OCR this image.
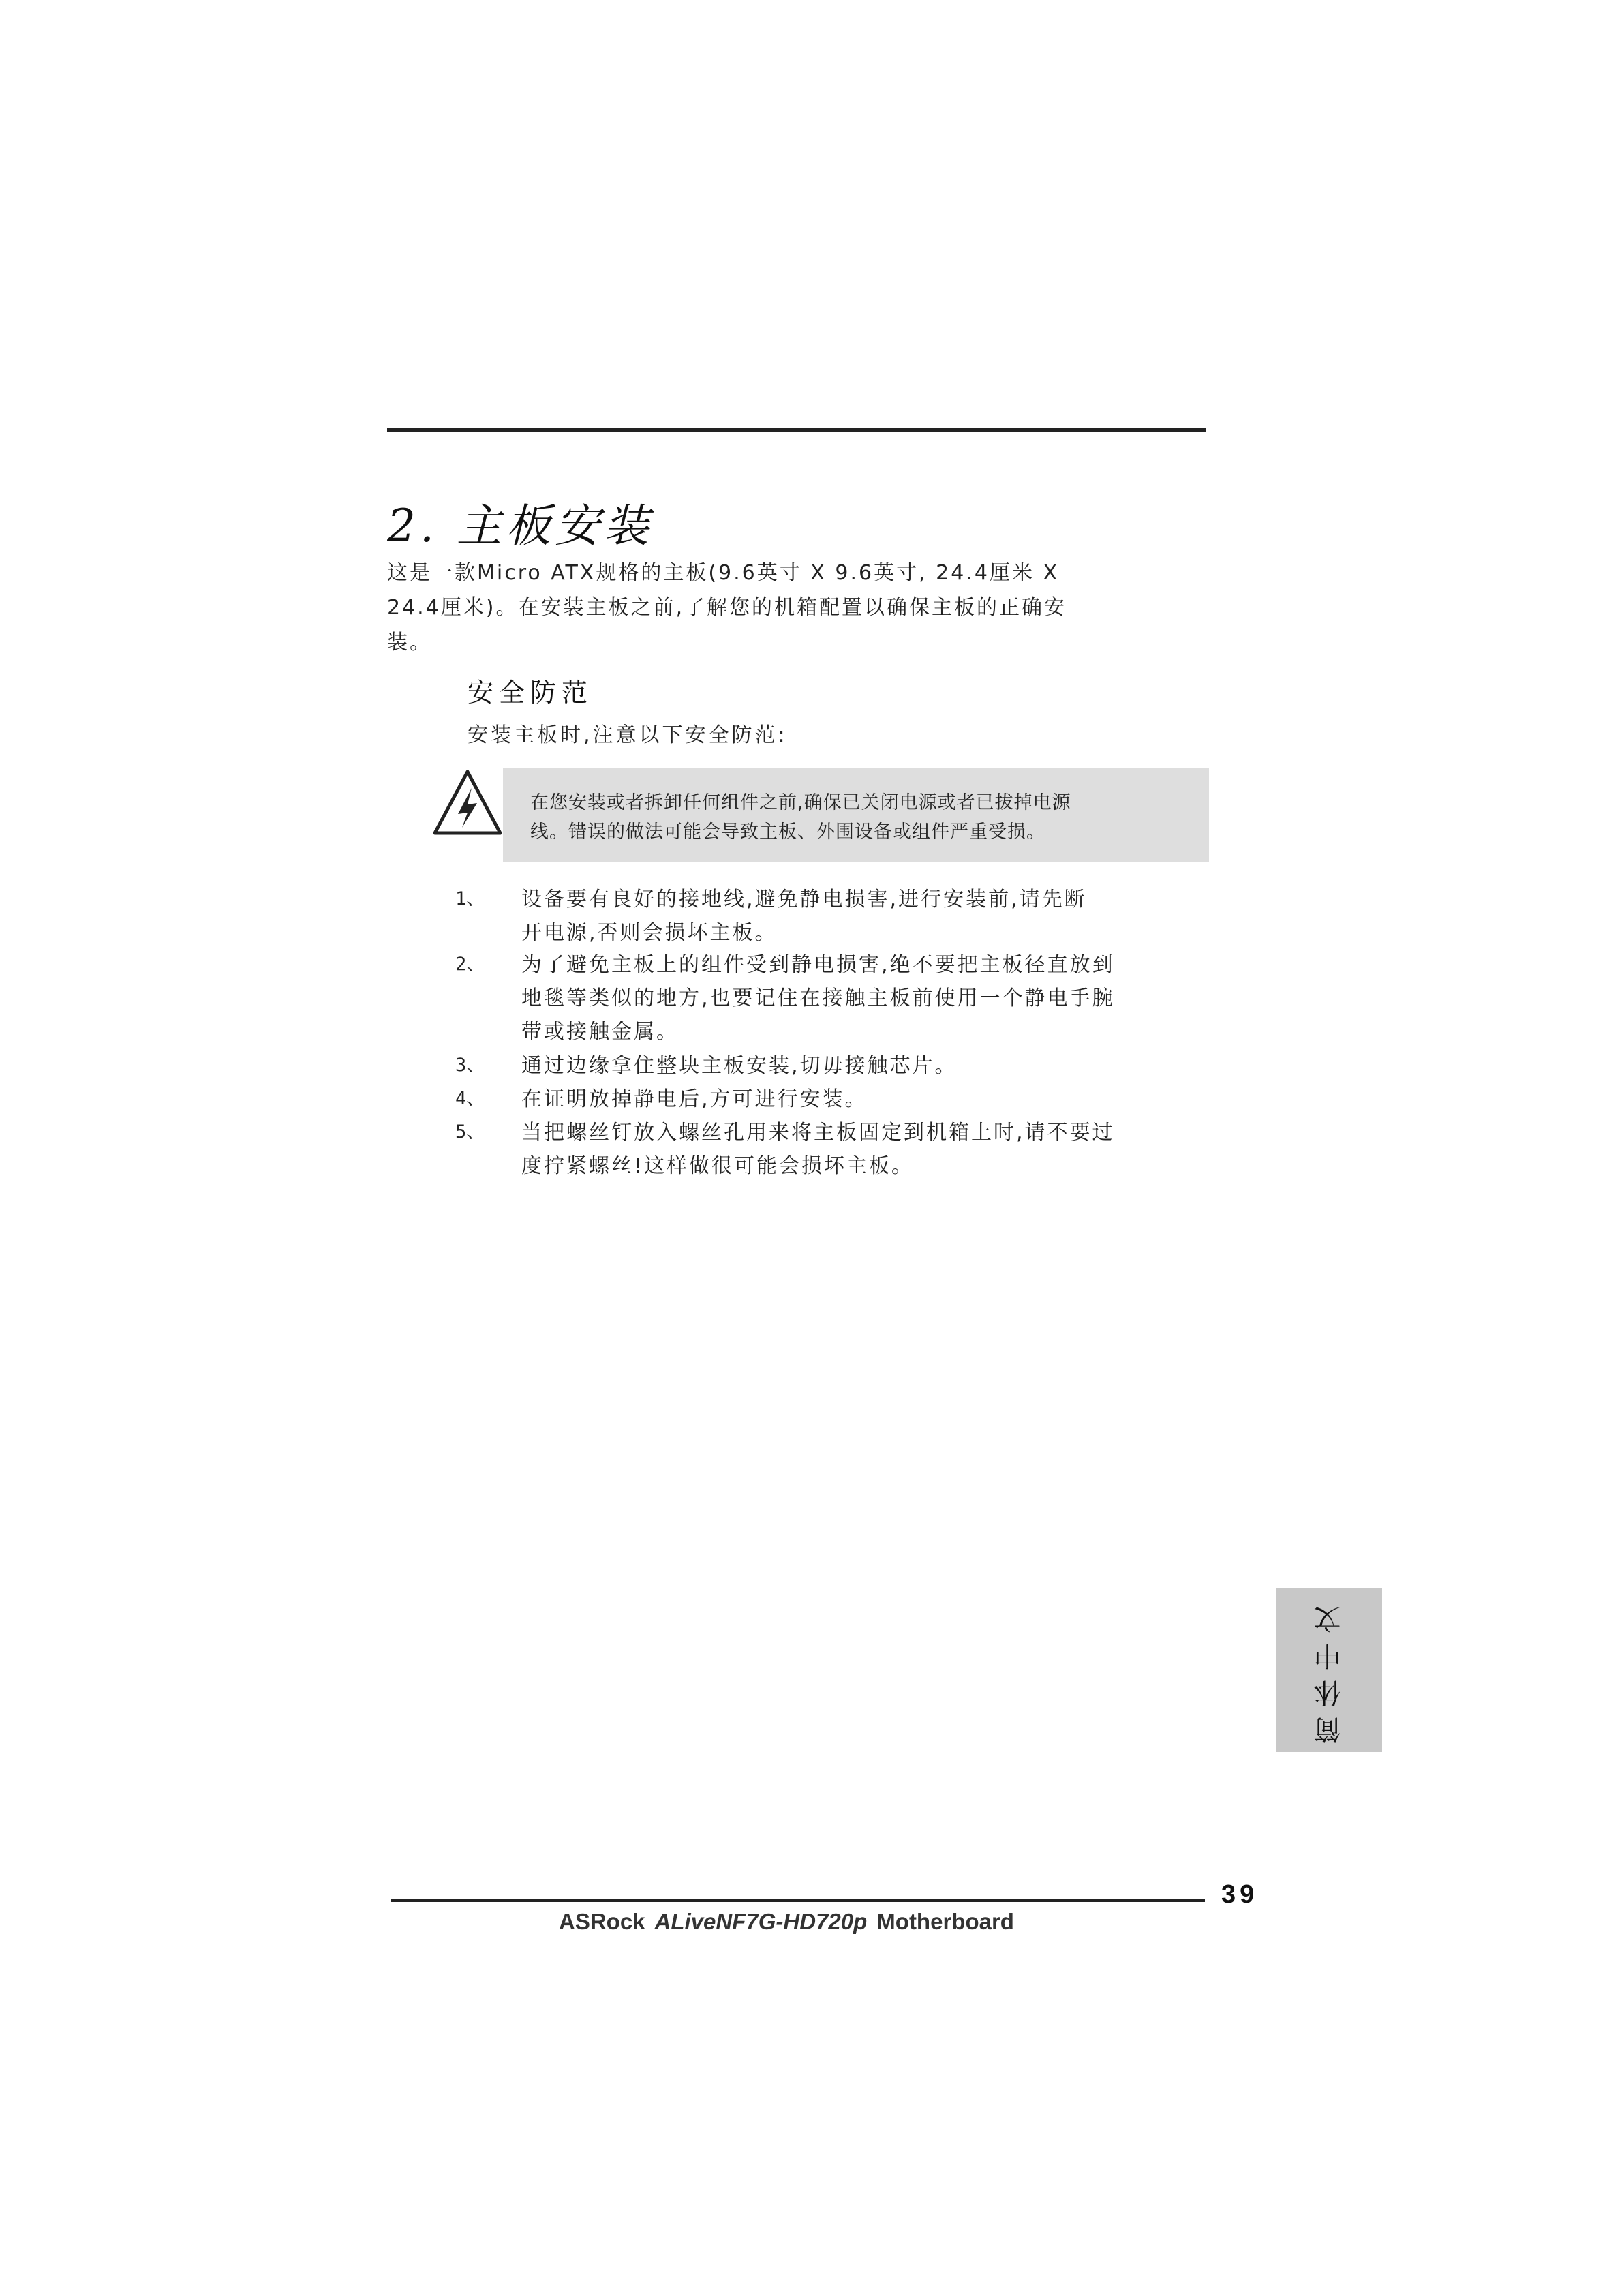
2. 主板安装
这是一款Micro ATX规格的主板(9.6英寸 X 9.6英寸, 24.4厘米 X
24.4厘米)。在安装主板之前,了解您的机箱配置以确保主板的正确安
装。
安全防范
安装主板时,注意以下安全防范:
在您安装或者拆卸任何组件之前,确保已关闭电源或者已拔掉电源
线。错误的做法可能会导致主板、外围设备或组件严重受损。
1、 设备要有良好的接地线,避免静电损害,进行安装前,请先断
开电源,否则会损坏主板。
2、 为了避免主板上的组件受到静电损害,绝不要把主板径直放到
地毯等类似的地方,也要记住在接触主板前使用一个静电手腕
带或接触金属。
3、 通过边缘拿住整块主板安装,切毋接触芯片。
4、 在证明放掉静电后,方可进行安装。
5、 当把螺丝钉放入螺丝孔用来将主板固定到机箱上时,请不要过
度拧紧螺丝!这样做很可能会损坏主板。
简体中文
39
ASRock ALiveNF7G-HD720p Motherboard
